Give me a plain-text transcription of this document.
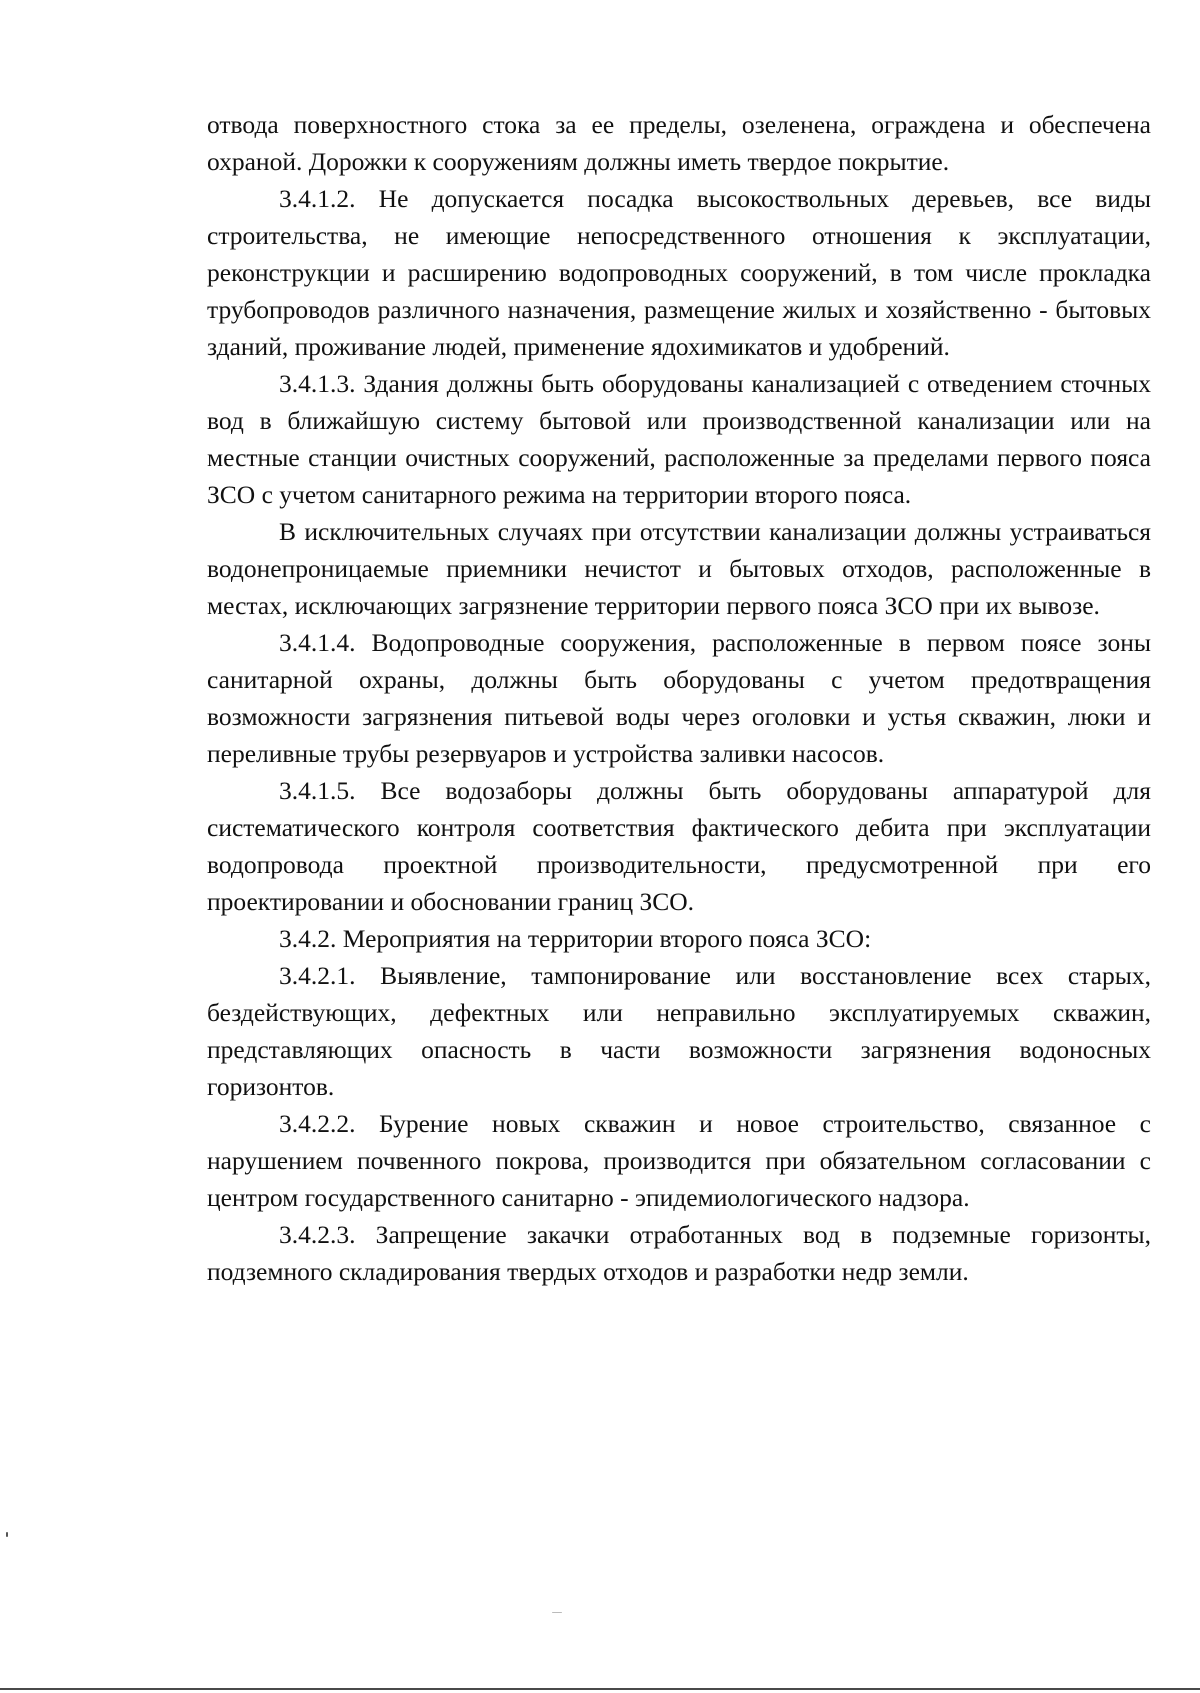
отвода поверхностного стока за ее пределы, озеленена, ограждена и обеспечена охраной. Дорожки к сооружениям должны иметь твердое покрытие.

3.4.1.2. Не допускается посадка высокоствольных деревьев, все виды строительства, не имеющие непосредственного отношения к эксплуатации, реконструкции и расширению водопроводных сооружений, в том числе прокладка трубопроводов различного назначения, размещение жилых и хозяйственно - бытовых зданий, проживание людей, применение ядохимикатов и удобрений.

3.4.1.3. Здания должны быть оборудованы канализацией с отведением сточных вод в ближайшую систему бытовой или производственной канализации или на местные станции очистных сооружений, расположенные за пределами первого пояса ЗСО с учетом санитарного режима на территории второго пояса.

В исключительных случаях при отсутствии канализации должны устраиваться водонепроницаемые приемники нечистот и бытовых отходов, расположенные в местах, исключающих загрязнение территории первого пояса ЗСО при их вывозе.

3.4.1.4. Водопроводные сооружения, расположенные в первом поясе зоны санитарной охраны, должны быть оборудованы с учетом предотвращения возможности загрязнения питьевой воды через оголовки и устья скважин, люки и переливные трубы резервуаров и устройства заливки насосов.

3.4.1.5. Все водозаборы должны быть оборудованы аппаратурой для систематического контроля соответствия фактического дебита при эксплуатации водопровода проектной производительности, предусмотренной при его проектировании и обосновании границ ЗСО.

3.4.2. Мероприятия на территории второго пояса ЗСО:

3.4.2.1. Выявление, тампонирование или восстановление всех старых, бездействующих, дефектных или неправильно эксплуатируемых скважин, представляющих опасность в части возможности загрязнения водоносных горизонтов.

3.4.2.2. Бурение новых скважин и новое строительство, связанное с нарушением почвенного покрова, производится при обязательном согласовании с центром государственного санитарно - эпидемиологического надзора.

3.4.2.3. Запрещение закачки отработанных вод в подземные горизонты, подземного складирования твердых отходов и разработки недр земли.
